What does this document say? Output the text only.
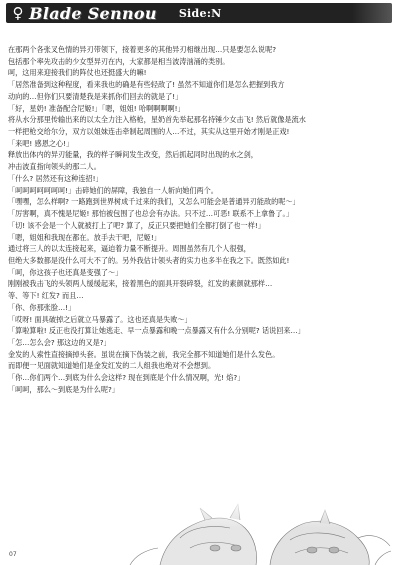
♀ Blade Sennou Side:N
在那两个各张叉色情的异刃带领下，接着更多的其他异刃相继出现…只是要怎么说呢?
包括那个率先攻击的少女型异刃在内，大家都是相当波涛汹涌的类别。
呵，这用来迎接我们的阵仗也还挺盛大的嘛!
「居然准备到这种程度，看来我也的确是有些轻敌了! 虽然不知道你们是怎么把握到我方
动向的…但你们只要清楚我是来抓你们回去的就是了!」
「好，星奶! 准备配合尼姬!」「嗯，姐姐! 哈啊啊啊啊!」
将从水分那里传输出来的以太全力注入格枪，星奶首先举起那名持锤少女击飞! 然后就像是流水
一样把枪交给尔分，双方以姐妹连击牵制起周围的人…不过，其实从这里开始才刚是正戏!
「来吧! 感恩之心!」
释放出体内的异刃能量，我的样子瞬间发生改变，然后抓起同时出现的水之剑，
冲击波直指向领头的那二人。
「什么? 居然还有这种连招!」
「呵呵呵呵呵呵呵!」击碎她们的屏障，我独自一人斩向她们两个。
「嘿嘿，怎么样啊? 一路跑到世界树成千过来的我们，又怎么可能会是普通异刃能敌的呢～」
「厉害啊，真不愧是尼姬! 那怕被包围了也总会有办法。只不过…可恶! 联系不上拿鲁了。」
「切! 该不会是一个人就被打上了吧? 算了，反正只要把她们全都打倒了也一样!」
「嗯，姐姐和我现在都在。放手去干吧，尼姬!」
通过将三人的以太连接起来，逼迫着力量不断提升。周围虽然有几个人很强，
但绝大多数都是没什么可大不了的。另外我估计领头者的实力也多半在我之下。既然如此!
「呵，你这孩子也还真是变强了～」
刚刚被我击飞的头领两人缓缓起来，接着黑色的面具开裂碎裂，红发的素颜就那样…
等、等下! 红发? 而且…
「你、你那张脸…!」
「哎呀! 面具破掉之后就立马暴露了。这也还真是失败～」
「算啦算啦! 反正也没打算让她逃走、早一点暴露和晚一点暴露又有什么分别呢? 话说回来…」
「怎…怎么会? 那这边的又是?」
金发的人索性直接摘掉头套。虽说在摘下伪装之前，我完全都不知道她们是什么发色。
而即便一见面就知道她们是金发红发的二人组我也绝对不会想到。
「你…你们两个…到底为什么会这样? 现在到底是个什么情况啊，光! 焰?」
「呵呵，那么～到底是为什么呢?」
07
